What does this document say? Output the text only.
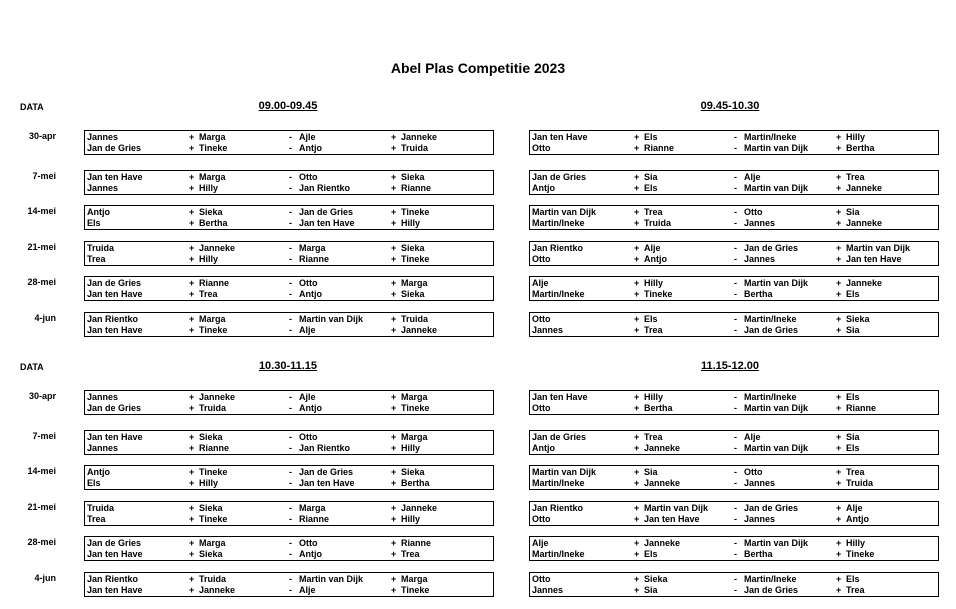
Abel Plas Competitie 2023
DATA	09.00-09.45	09.45-10.30
30-apr	Jannes	+ Marga	- Ajle	+ Janneke
Jan de Gries	+ Tineke	- Antjo	+ Truida
Jan ten Have	+ Els	- Martin/Ineke	+ Hilly
Otto	+ Rianne	- Martin van Dijk	+ Bertha
7-mei	Jan ten Have	+ Marga	- Otto	+ Sieka
Jannes	+ Hilly	- Jan Rientko	+ Rianne
Jan de Gries	+ Sia	- Alje	+ Trea
Antjo	+ Els	- Martin van Dijk	+ Janneke
14-mei	Antjo	+ Sieka	- Jan de Gries	+ Tineke
Els	+ Bertha	- Jan ten Have	+ Hilly
Martin van Dijk	+ Trea	- Otto	+ Sia
Martin/Ineke	+ Truida	- Jannes	+ Janneke
21-mei	Truida	+ Janneke	- Marga	+ Sieka
Trea	+ Hilly	- Rianne	+ Tineke
Jan Rientko	+ Alje	- Jan de Gries	+ Martin van Dijk
Otto	+ Antjo	- Jannes	+ Jan ten Have
28-mei	Jan de Gries	+ Rianne	- Otto	+ Marga
Jan ten Have	+ Trea	- Antjo	+ Sieka
Alje	+ Hilly	- Martin van Dijk	+ Janneke
Martin/Ineke	+ Tineke	- Bertha	+ Els
4-jun	Jan Rientko	+ Marga	- Martin van Dijk	+ Truida
Jan ten Have	+ Tineke	- Alje	+ Janneke
Otto	+ Els	- Martin/Ineke	+ Sieka
Jannes	+ Trea	- Jan de Gries	+ Sia
DATA	10.30-11.15	11.15-12.00
30-apr	Jannes	+ Janneke	- Ajle	+ Marga
Jan de Gries	+ Truida	- Antjo	+ Tineke
Jan ten Have	+ Hilly	- Martin/Ineke	+ Els
Otto	+ Bertha	- Martin van Dijk	+ Rianne
7-mei	Jan ten Have	+ Sieka	- Otto	+ Marga
Jannes	+ Rianne	- Jan Rientko	+ Hilly
Jan de Gries	+ Trea	- Alje	+ Sia
Antjo	+ Janneke	- Martin van Dijk	+ Els
14-mei	Antjo	+ Tineke	- Jan de Gries	+ Sieka
Els	+ Hilly	- Jan ten Have	+ Bertha
Martin van Dijk	+ Sia	- Otto	+ Trea
Martin/Ineke	+ Janneke	- Jannes	+ Truida
21-mei	Truida	+ Sieka	- Marga	+ Janneke
Trea	+ Tineke	- Rianne	+ Hilly
Jan Rientko	+ Martin van Dijk	- Jan de Gries	+ Alje
Otto	+ Jan ten Have	- Jannes	+ Antjo
28-mei	Jan de Gries	+ Marga	- Otto	+ Rianne
Jan ten Have	+ Sieka	- Antjo	+ Trea
Alje	+ Janneke	- Martin van Dijk	+ Hilly
Martin/Ineke	+ Els	- Bertha	+ Tineke
4-jun	Jan Rientko	+ Truida	- Martin van Dijk	+ Marga
Jan ten Have	+ Janneke	- Alje	+ Tineke
Otto	+ Sieka	- Martin/Ineke	+ Els
Jannes	+ Sia	- Jan de Gries	+ Trea
